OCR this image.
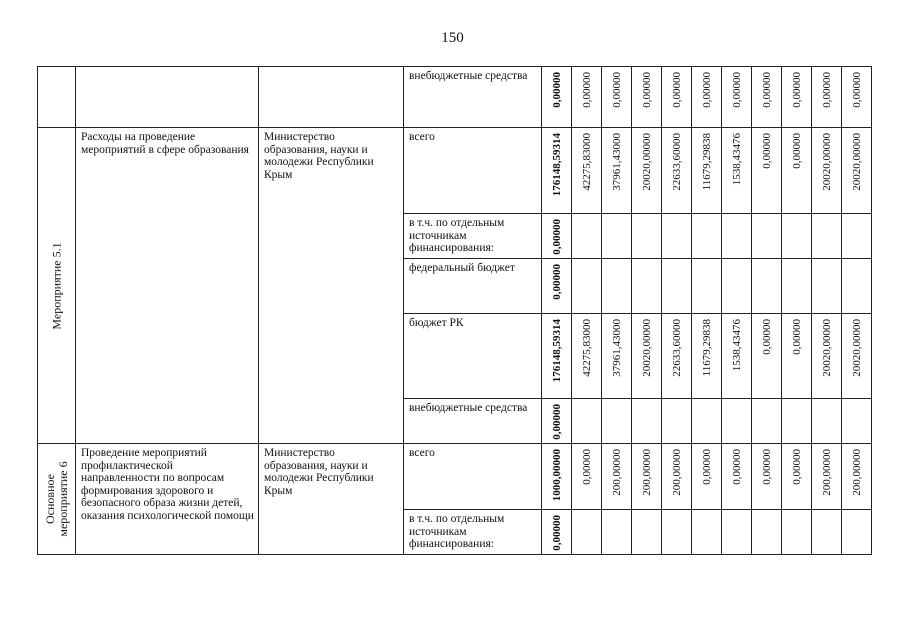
150
			внебюджетные средства	0,00000	0,00000	0,00000	0,00000	0,00000	0,00000	0,00000	0,00000	0,00000	0,00000	0,00000

Мероприятие 5.1	Расходы на проведение мероприятий в сфере образования	Министерство образования, науки и молодежи Республики Крым	всего	176148,59314	42275,83000	37961,43000	20020,00000	22633,60000	11679,29838	1538,43476	0,00000	0,00000	20020,00000	20020,00000

			в т.ч. по отдельным источникам финансирования:	0,00000										

			федеральный бюджет	0,00000										

			бюджет РК	176148,59314	42275,83000	37961,43000	20020,00000	22633,60000	11679,29838	1538,43476	0,00000	0,00000	20020,00000	20020,00000

			внебюджетные средства	0,00000										

Основное мероприятие 6	Проведение мероприятий профилактической направленности по вопросам формирования здорового и безопасного образа жизни детей, оказания психологической помощи	Министерство образования, науки и молодежи Республики Крым	всего	1000,00000	0,00000	200,00000	200,00000	200,00000	0,00000	0,00000	0,00000	0,00000	200,00000	200,00000

			в т.ч. по отдельным источникам финансирования:	0,00000										
